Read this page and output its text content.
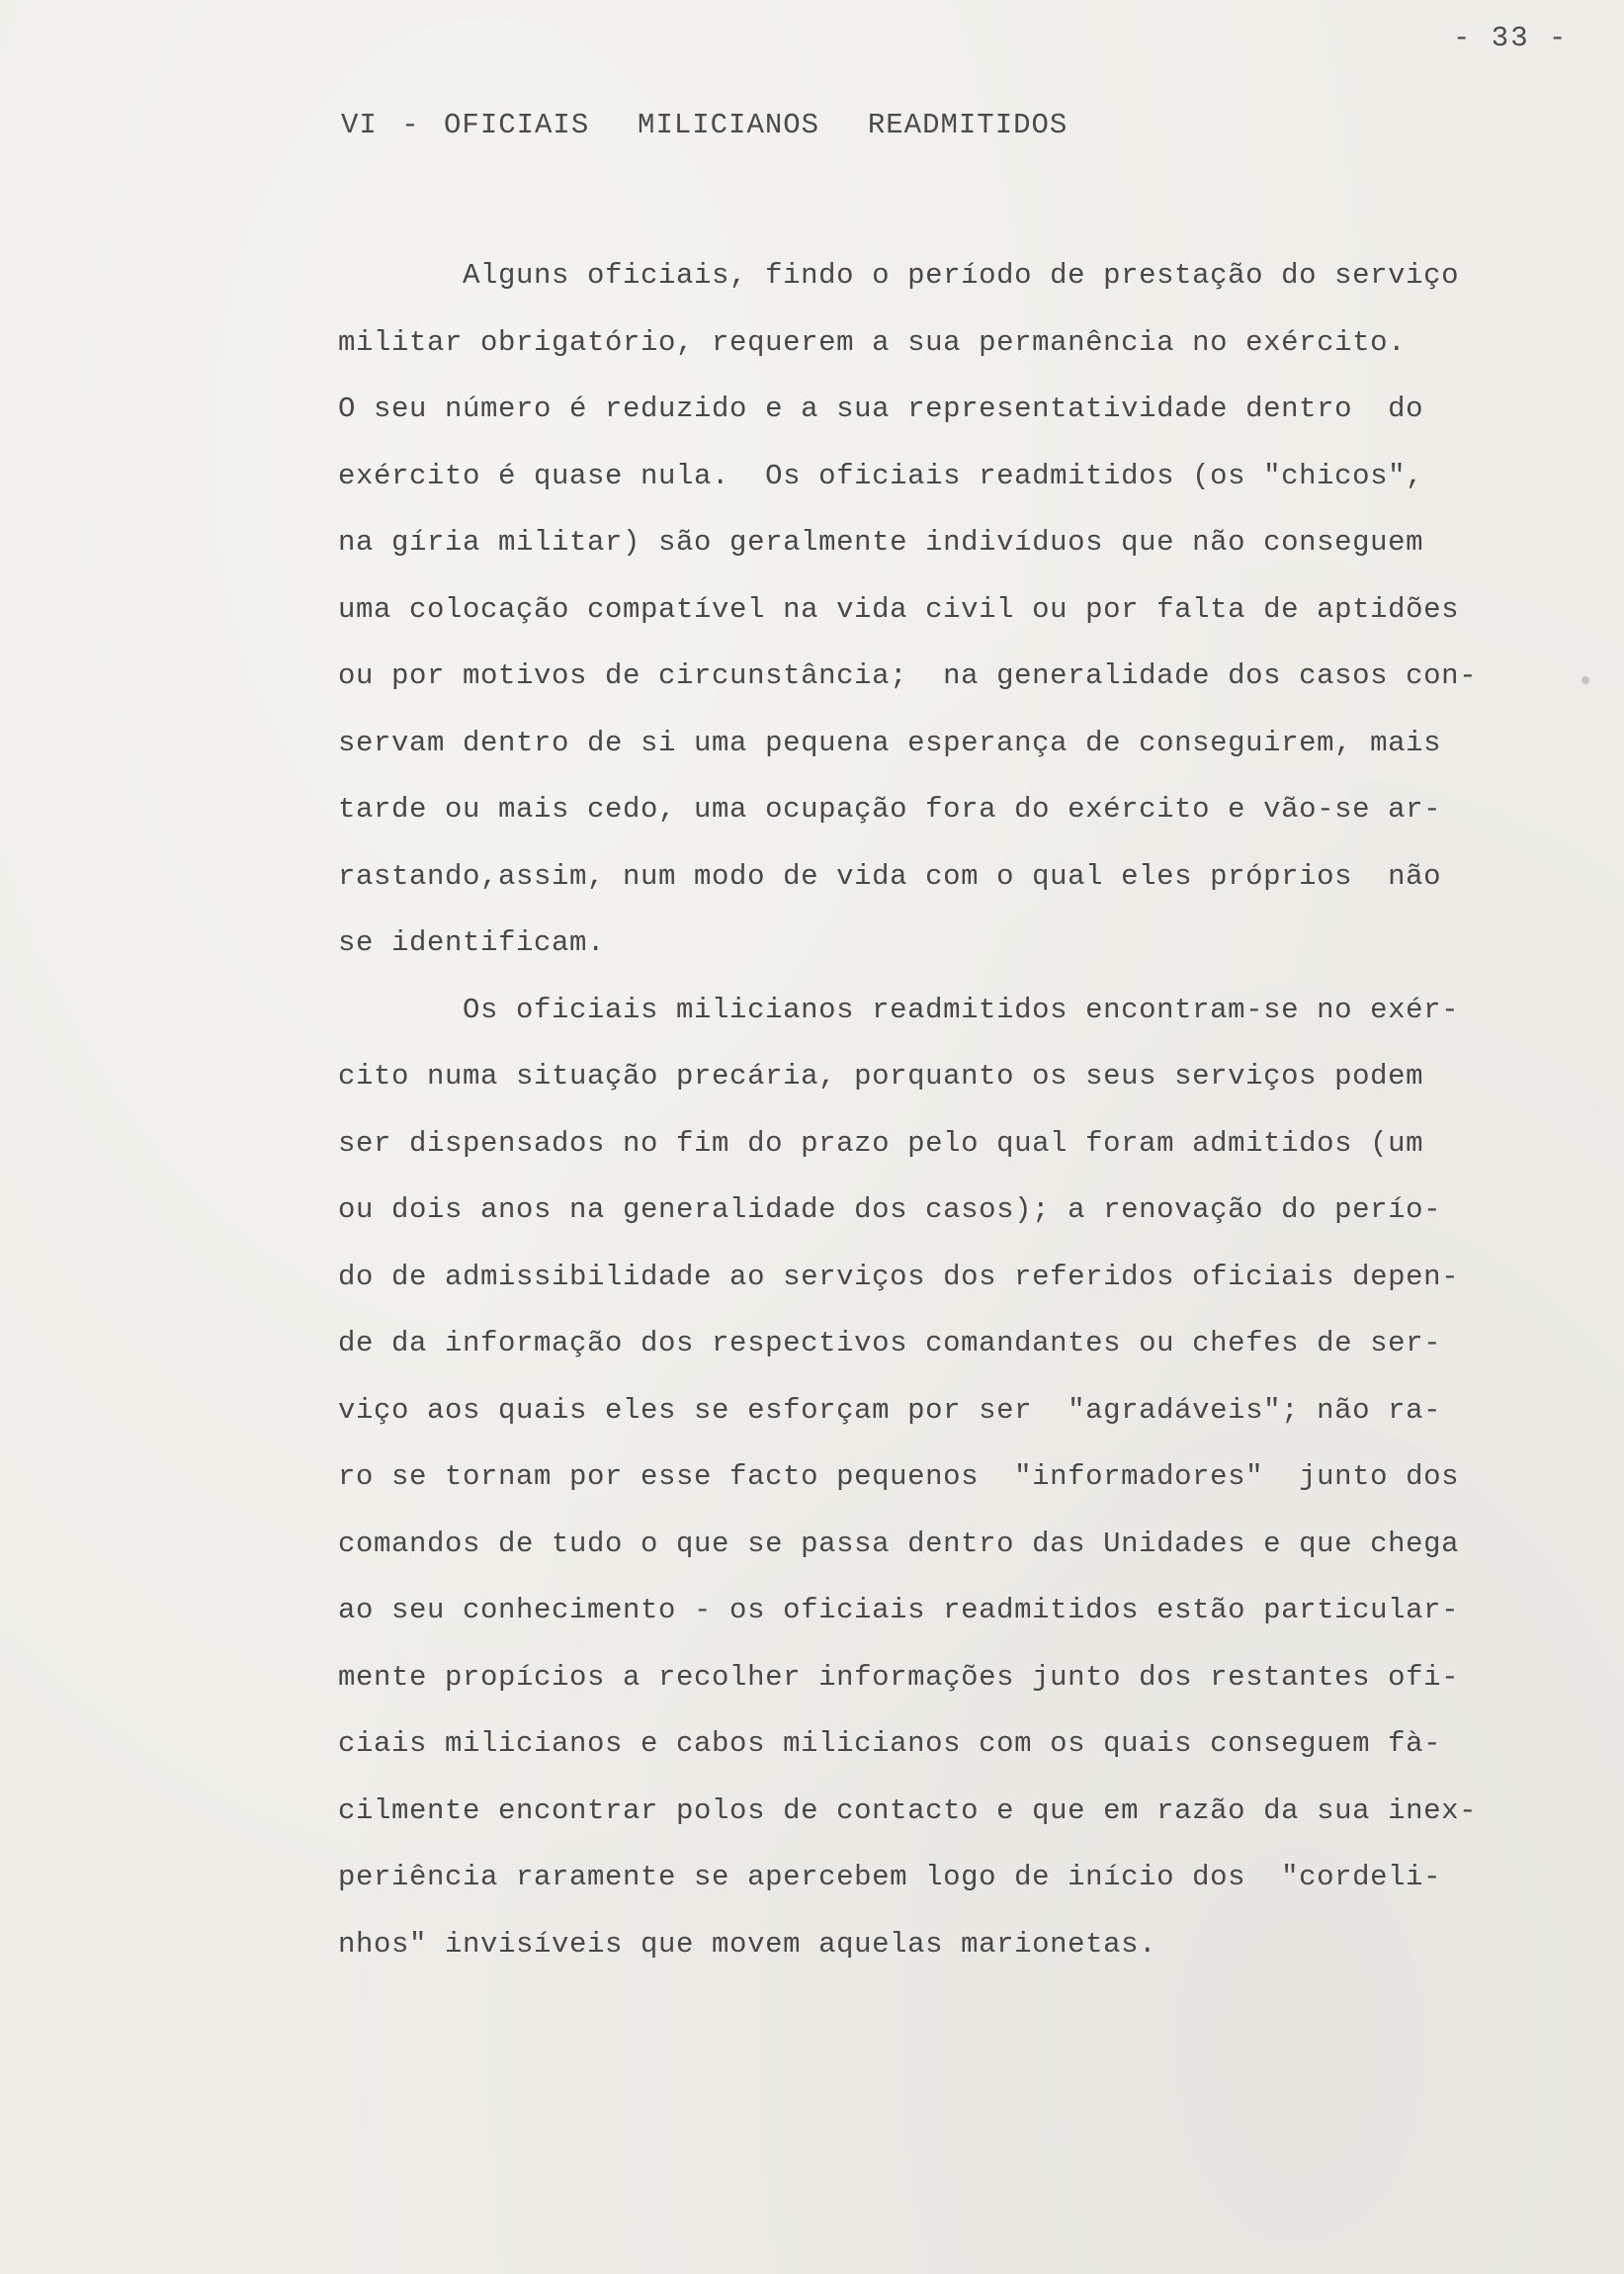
- 33 -
VI - OFICIAIS  MILICIANOS  READMITIDOS
Alguns oficiais, findo o período de prestação do serviço
militar obrigatório, requerem a sua permanência no exército.
O seu número é reduzido e a sua representatividade dentro  do
exército é quase nula.  Os oficiais readmitidos (os "chicos",
na gíria militar) são geralmente indivíduos que não conseguem
uma colocação compatível na vida civil ou por falta de aptidões
ou por motivos de circunstância;  na generalidade dos casos con-
servam dentro de si uma pequena esperança de conseguirem, mais
tarde ou mais cedo, uma ocupação fora do exército e vão-se ar-
rastando,assim, num modo de vida com o qual eles próprios  não
se identificam.
Os oficiais milicianos readmitidos encontram-se no exér-
cito numa situação precária, porquanto os seus serviços podem
ser dispensados no fim do prazo pelo qual foram admitidos (um
ou dois anos na generalidade dos casos); a renovação do perío-
do de admissibilidade ao serviços dos referidos oficiais depen-
de da informação dos respectivos comandantes ou chefes de ser-
viço aos quais eles se esforçam por ser  "agradáveis"; não ra-
ro se tornam por esse facto pequenos  "informadores"  junto dos
comandos de tudo o que se passa dentro das Unidades e que chega
ao seu conhecimento - os oficiais readmitidos estão particular-
mente propícios a recolher informações junto dos restantes ofi-
ciais milicianos e cabos milicianos com os quais conseguem fà-
cilmente encontrar polos de contacto e que em razão da sua inex-
periência raramente se apercebem logo de início dos  "cordeli-
nhos" invisíveis que movem aquelas marionetas.
